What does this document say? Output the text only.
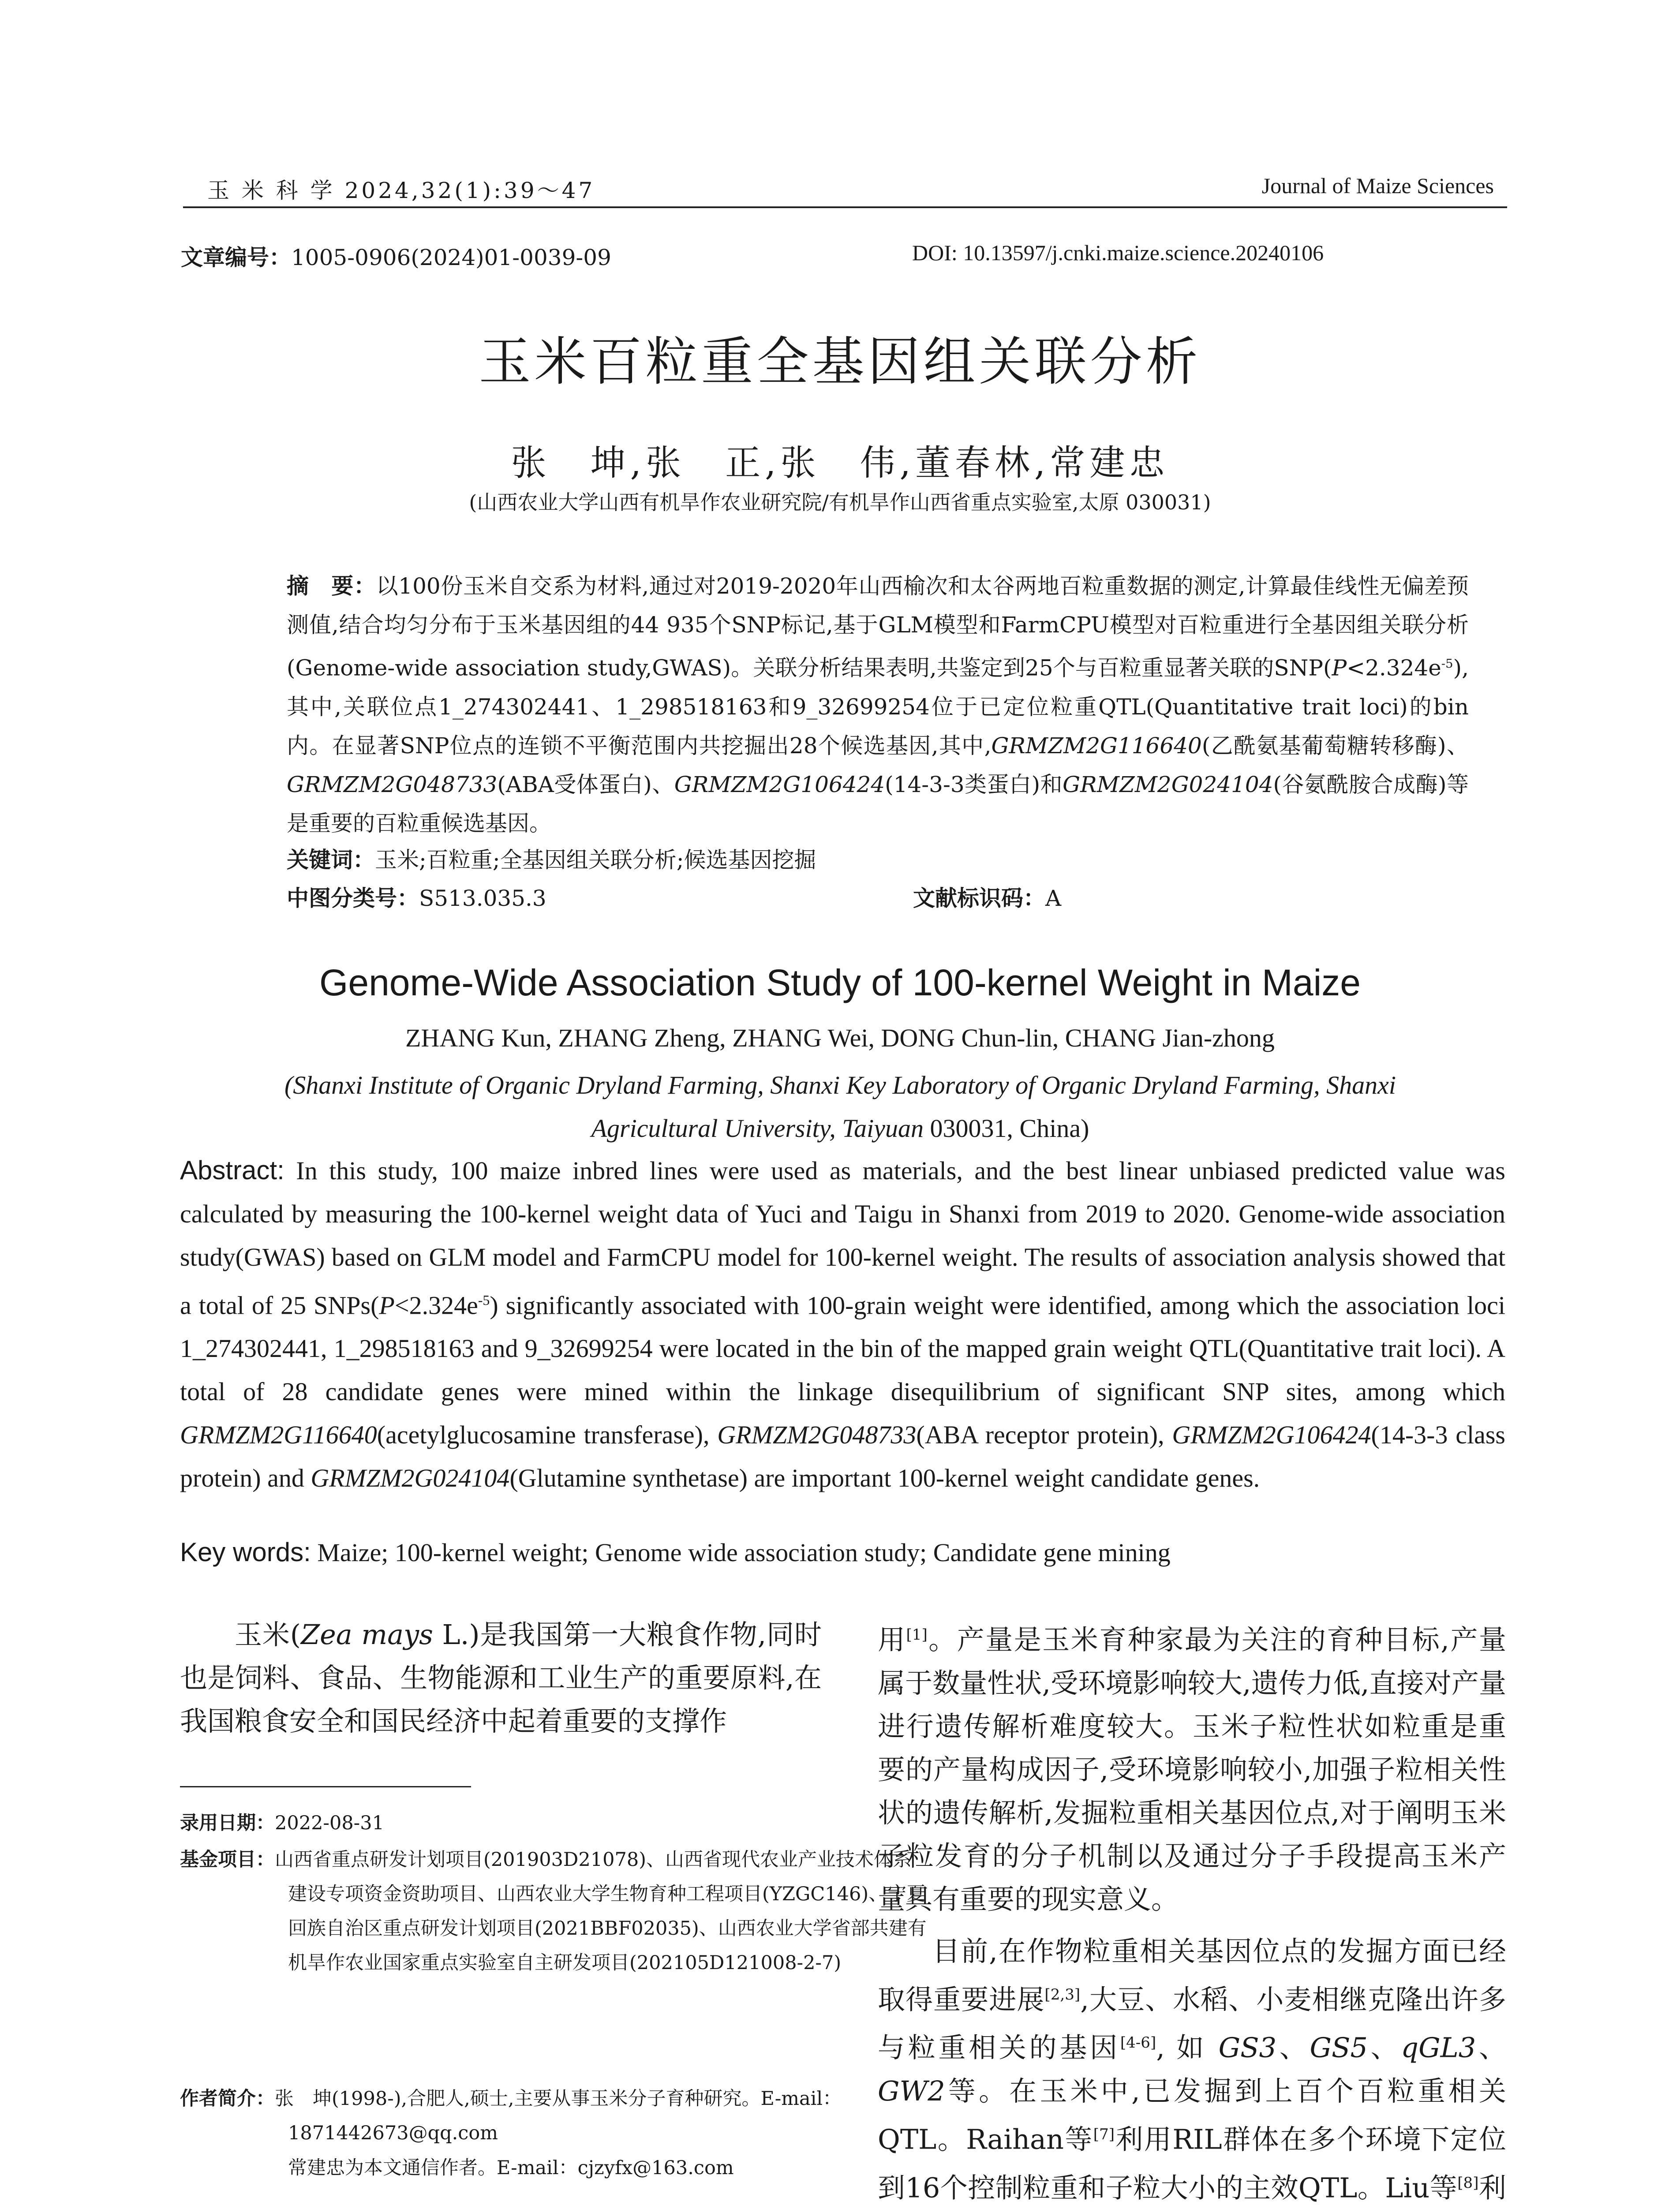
玉 米 科 学 2024,32(1):39～47	Journal of Maize Sciences
文章编号：1005-0906(2024)01-0039-09	DOI: 10.13597/j.cnki.maize.science.20240106
玉米百粒重全基因组关联分析
张　坤,张　正,张　伟,董春林,常建忠
(山西农业大学山西有机旱作农业研究院/有机旱作山西省重点实验室,太原 030031)
摘　要：以100份玉米自交系为材料,通过对2019-2020年山西榆次和太谷两地百粒重数据的测定,计算最佳线性无偏差预测值,结合均匀分布于玉米基因组的44 935个SNP标记,基于GLM模型和FarmCPU模型对百粒重进行全基因组关联分析(Genome-wide association study,GWAS)。关联分析结果表明,共鉴定到25个与百粒重显著关联的$SNP(P<2.324e^{-5})$,其中,关联位点1_274302441、1_298518163和9_32699254位于已定位粒重QTL(Quantitative trait loci)的bin内。在显著SNP位点的连锁不平衡范围内共挖掘出28个候选基因,其中,GRMZM2G116640(乙酰氨基葡萄糖转移酶)、GRMZM2G048733(ABA受体蛋白)、GRMZM2G106424(14-3-3类蛋白)和GRMZM2G024104(谷氨酰胺合成酶)等是重要的百粒重候选基因。
关键词：玉米;百粒重;全基因组关联分析;候选基因挖掘
中图分类号：S513.035.3	文献标识码：A
Genome-Wide Association Study of 100-kernel Weight in Maize
ZHANG Kun, ZHANG Zheng, ZHANG Wei, DONG Chun-lin, CHANG Jian-zhong
(Shanxi Institute of Organic Dryland Farming, Shanxi Key Laboratory of Organic Dryland Farming, Shanxi Agricultural University, Taiyuan 030031, China)
Abstract: In this study, 100 maize inbred lines were used as materials, and the best linear unbiased predicted value was calculated by measuring the 100-kernel weight data of Yuci and Taigu in Shanxi from 2019 to 2020. Genome-wide association study(GWAS) based on GLM model and FarmCPU model for 100-kernel weight. The results of association analysis showed that a total of 25 $SNPs(P<2.324e^{-5})$ significantly associated with 100-grain weight were identified, among which the association loci 1_274302441, 1_298518163 and 9_32699254 were located in the bin of the mapped grain weight QTL(Quantitative trait loci). A total of 28 candidate genes were mined within the linkage disequilibrium of significant SNP sites, among which GRMZM2G116640(acetylglucosamine transferase), GRMZM2G048733(ABA receptor protein), GRMZM2G106424(14-3-3 class protein) and GRMZM2G024104(Glutamine synthetase) are important 100-kernel weight candidate genes.
Key words: Maize; 100-kernel weight; Genome wide association study; Candidate gene mining
玉米(Zea mays L.)是我国第一大粮食作物,同时也是饲料、食品、生物能源和工业生产的重要原料,在我国粮食安全和国民经济中起着重要的支撑作
录用日期：2022-08-31
基金项目：山西省重点研发计划项目(201903D21078)、山西省现代农业产业技术体系建设专项资金资助项目、山西农业大学生物育种工程项目(YZGC146)、宁夏回族自治区重点研发计划项目(2021BBF02035)、山西农业大学省部共建有机旱作农业国家重点实验室自主研发项目(202105D121008-2-7)
作者简介：张　坤(1998-),合肥人,硕士,主要从事玉米分子育种研究。E-mail：1871442673@qq.com
常建忠为本文通信作者。E-mail：cjzyfx@163.com
用[1]。产量是玉米育种家最为关注的育种目标,产量属于数量性状,受环境影响较大,遗传力低,直接对产量进行遗传解析难度较大。玉米子粒性状如粒重是重要的产量构成因子,受环境影响较小,加强子粒相关性状的遗传解析,发掘粒重相关基因位点,对于阐明玉米子粒发育的分子机制以及通过分子手段提高玉米产量具有重要的现实意义。
目前,在作物粒重相关基因位点的发掘方面已经取得重要进展[2,3],大豆、水稻、小麦相继克隆出许多与粒重相关的基因[4-6], 如 GS3、GS5、qGL3、GW2等。在玉米中,已发掘到上百个百粒重相关QTL。Raihan等[7]利用RIL群体在多个环境下定位到16个控制粒重和子粒大小的主效QTL。Liu等[8]利
